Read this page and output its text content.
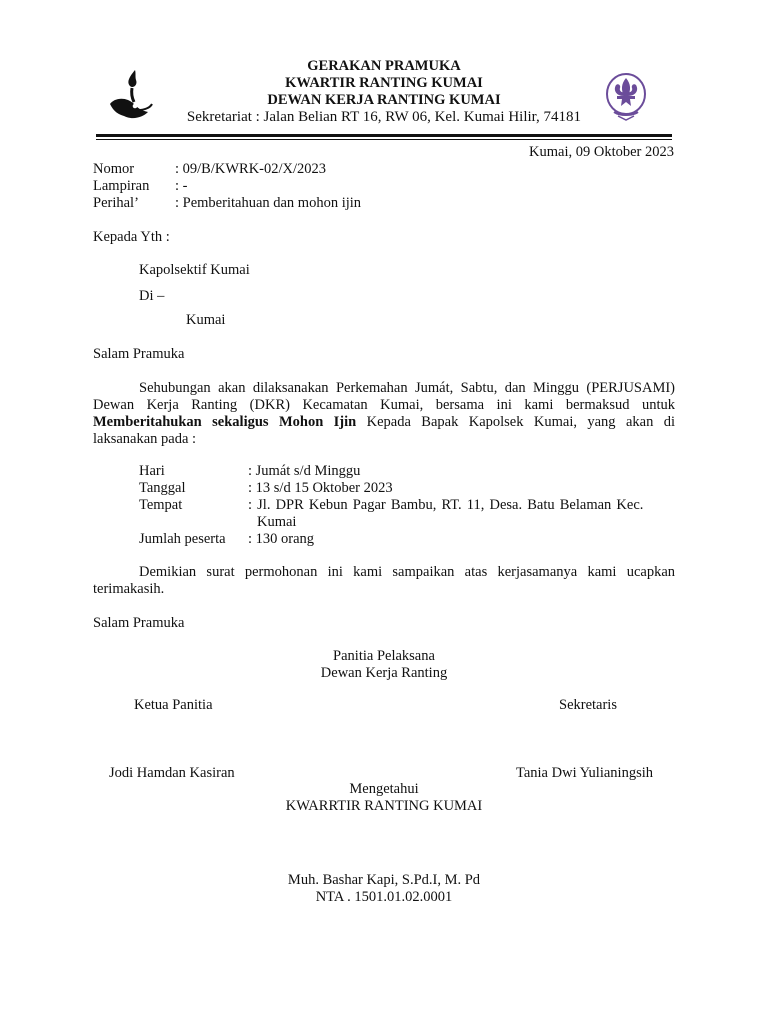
GERAKAN PRAMUKA
KWARTIR RANTING KUMAI
DEWAN KERJA RANTING KUMAI
Sekretariat : Jalan Belian RT 16, RW 06, Kel. Kumai Hilir, 74181
Kumai, 09 Oktober 2023
Nomor	: 09/B/KWRK-02/X/2023
Lampiran : -
Perihal’ : Pemberitahuan dan mohon ijin
Kepada Yth :
Kapolsektif Kumai
Di –
Kumai
Salam Pramuka
Sehubungan akan dilaksanakan Perkemahan Jumát, Sabtu, dan Minggu (PERJUSAMI) Dewan Kerja Ranting (DKR) Kecamatan Kumai, bersama ini kami bermaksud untuk Memberitahukan sekaligus Mohon Ijin Kepada Bapak Kapolsek Kumai, yang akan di laksanakan pada :
Hari	: Jumát s/d Minggu
Tanggal	: 13 s/d 15 Oktober 2023
Tempat	: Jl. DPR Kebun Pagar Bambu, RT. 11, Desa. Batu Belaman Kec.
Kumai
Jumlah peserta : 130 orang
Demikian surat permohonan ini kami sampaikan atas kerjasamanya kami ucapkan terimakasih.
Salam Pramuka
Panitia Pelaksana
Dewan Kerja Ranting
Ketua Panitia	Sekretaris
Jodi Hamdan Kasiran	Tania Dwi Yulianingsih
Mengetahui
KWARRTIR RANTING KUMAI
Muh. Bashar Kapi, S.Pd.I, M. Pd
NTA . 1501.01.02.0001
